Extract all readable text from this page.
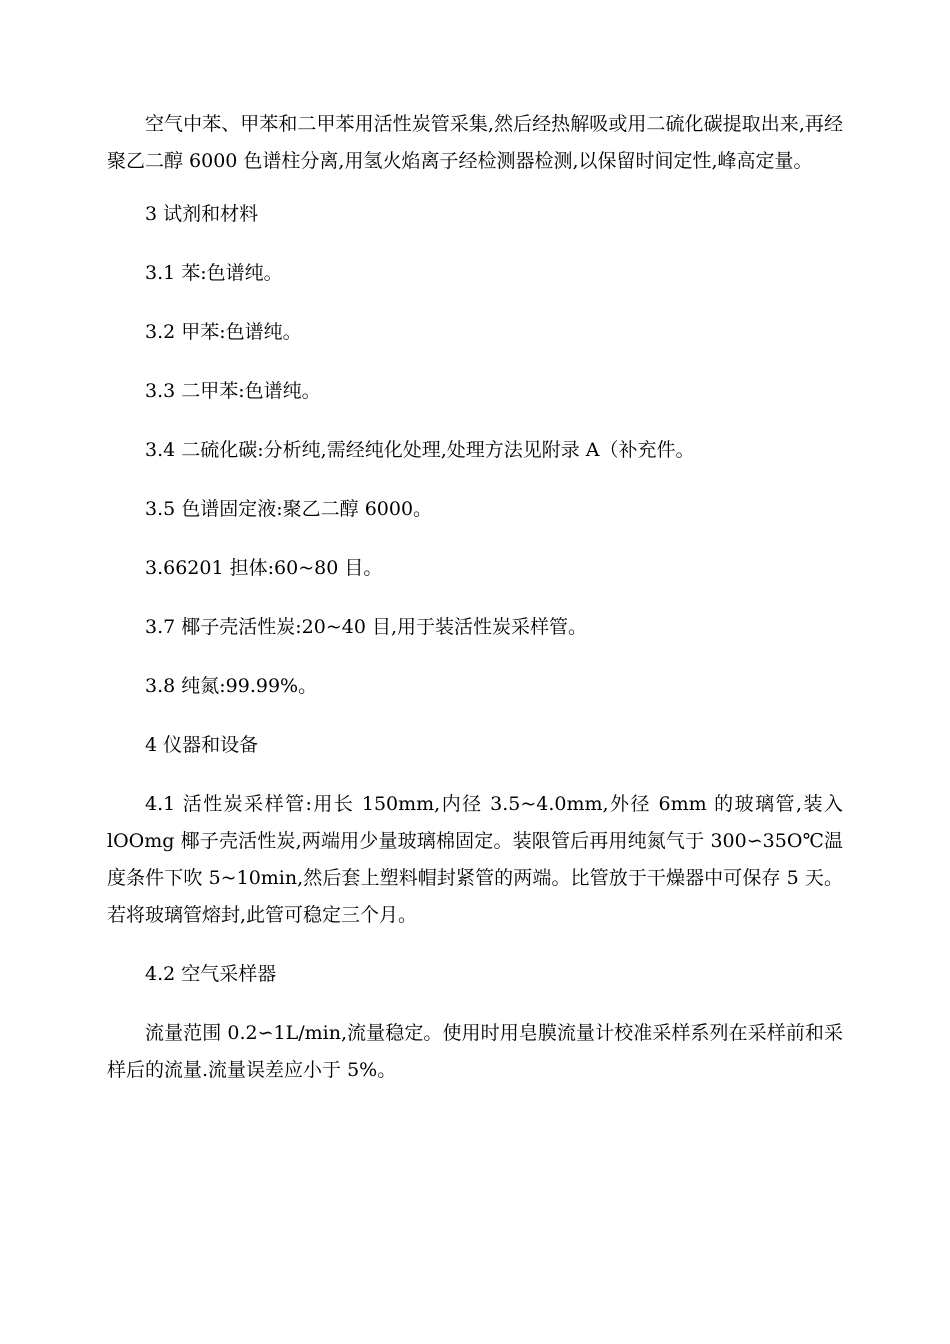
空气中苯、甲苯和二甲苯用活性炭管采集,然后经热解吸或用二硫化碳提取出来,再经聚乙二醇 6000 色谱柱分离,用氢火焰离子经检测器检测,以保留时间定性,峰高定量。

3 试剂和材料

3.1 苯:色谱纯。

3.2 甲苯:色谱纯。

3.3 二甲苯:色谱纯。

3.4 二硫化碳:分析纯,需经纯化处理,处理方法见附录 A（补充件。

3.5 色谱固定液:聚乙二醇 6000。

3.66201 担体:60~80 目。

3.7 椰子壳活性炭:20~40 目,用于装活性炭采样管。

3.8 纯氮:99.99%。

4 仪器和设备

4.1 活性炭采样管:用长 150mm,内径 3.5~4.0mm,外径 6mm 的玻璃管,装入 lOOmg 椰子壳活性炭,两端用少量玻璃棉固定。装限管后再用纯氮气于 300∽35O℃温度条件下吹 5~10min,然后套上塑料帽封紧管的两端。比管放于干燥器中可保存 5 天。若将玻璃管熔封,此管可稳定三个月。

4.2 空气采样器

流量范围 0.2∽1L/min,流量稳定。使用时用皂膜流量计校准采样系列在采样前和采样后的流量.流量误差应小于 5%。
